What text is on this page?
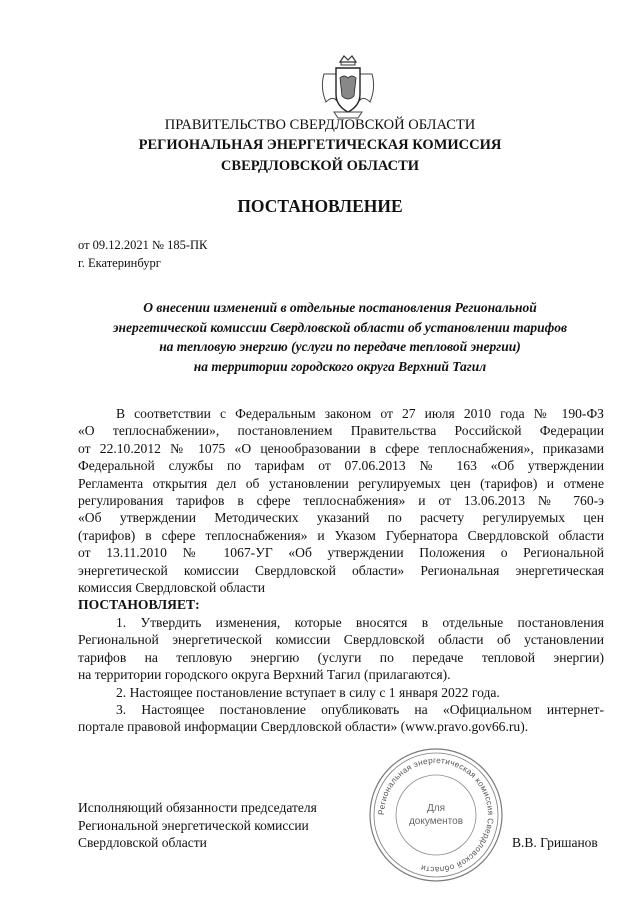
ПРАВИТЕЛЬСТВО СВЕРДЛОВСКОЙ ОБЛАСТИ
РЕГИОНАЛЬНАЯ ЭНЕРГЕТИЧЕСКАЯ КОМИССИЯ
СВЕРДЛОВСКОЙ ОБЛАСТИ
ПОСТАНОВЛЕНИЕ
от 09.12.2021 № 185-ПК
г. Екатеринбург
О внесении изменений в отдельные постановления Региональной
энергетической комиссии Свердловской области об установлении тарифов
на тепловую энергию (услуги по передаче тепловой энергии)
на территории городского округа Верхний Тагил
В соответствии с Федеральным законом от 27 июля 2010 года № 190-ФЗ
«О теплоснабжении», постановлением Правительства Российской Федерации
от 22.10.2012 № 1075 «О ценообразовании в сфере теплоснабжения», приказами
Федеральной службы по тарифам от 07.06.2013 № 163 «Об утверждении
Регламента открытия дел об установлении регулируемых цен (тарифов) и отмене
регулирования тарифов в сфере теплоснабжения» и от 13.06.2013 № 760-э
«Об утверждении Методических указаний по расчету регулируемых цен
(тарифов) в сфере теплоснабжения» и Указом Губернатора Свердловской области
от 13.11.2010 № 1067-УГ «Об утверждении Положения о Региональной
энергетической комиссии Свердловской области» Региональная энергетическая
комиссия Свердловской области
ПОСТАНОВЛЯЕТ:
1. Утвердить изменения, которые вносятся в отдельные постановления
Региональной энергетической комиссии Свердловской области об установлении
тарифов на тепловую энергию (услуги по передаче тепловой энергии)
на территории городского округа Верхний Тагил (прилагаются).
2. Настоящее постановление вступает в силу с 1 января 2022 года.
3. Настоящее постановление опубликовать на «Официальном интернет-
портале правовой информации Свердловской области» (www.pravo.gov66.ru).
Исполняющий обязанности председателя
Региональной энергетической комиссии
Свердловской области	В.В. Гришанов
Региональная энергетическая комиссия Свердловской области
Для
документов
